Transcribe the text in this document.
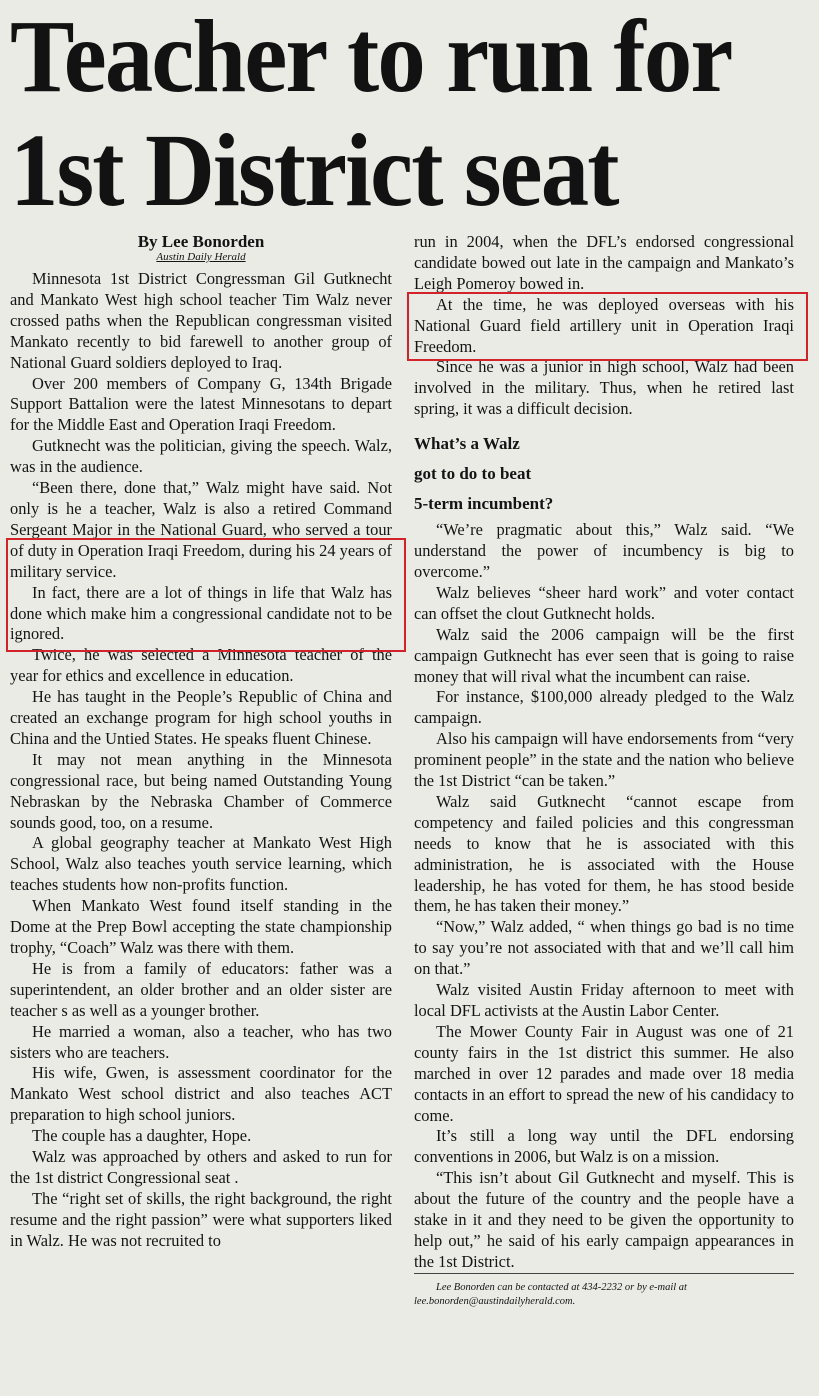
Teacher to run for
1st District seat
By Lee Bonorden
Austin Daily Herald

Minnesota 1st District Congressman Gil Gutknecht and Mankato West high school teacher Tim Walz never crossed paths when the Republican congressman visited Mankato recently to bid farewell to another group of National Guard soldiers deployed to Iraq.

Over 200 members of Company G, 134th Brigade Support Battalion were the latest Minnesotans to depart for the Middle East and Operation Iraqi Freedom.

Gutknecht was the politician, giving the speech. Walz, was in the audience.

“Been there, done that,” Walz might have said. Not only is he a teacher, Walz is also a retired Command Sergeant Major in the National Guard, who served a tour of duty in Operation Iraqi Freedom, during his 24 years of military service.

In fact, there are a lot of things in life that Walz has done which make him a congressional candidate not to be ignored.

Twice, he was selected a Minnesota teacher of the year for ethics and excellence in education.

He has taught in the People’s Republic of China and created an exchange program for high school youths in China and the Untied States. He speaks fluent Chinese.

It may not mean anything in the Minnesota congressional race, but being named Outstanding Young Nebraskan by the Nebraska Chamber of Commerce sounds good, too, on a resume.

A global geography teacher at Mankato West High School, Walz also teaches youth service learning, which teaches students how non-profits function.

When Mankato West found itself standing in the Dome at the Prep Bowl accepting the state championship trophy, “Coach” Walz was there with them.

He is from a family of educators: father was a superintendent, an older brother and an older sister are teacher s as well as a younger brother.

He married a woman, also a teacher, who has two sisters who are teachers.

His wife, Gwen, is assessment coordinator for the Mankato West school district and also teaches ACT preparation to high school juniors.

The couple has a daughter, Hope.

Walz was approached by others and asked to run for the 1st district Congressional seat .

The “right set of skills, the right background, the right resume and the right passion” were what supporters liked in Walz. He was not recruited to

run in 2004, when the DFL’s endorsed congressional candidate bowed out late in the campaign and Mankato’s Leigh Pomeroy bowed in.

At the time, he was deployed overseas with his National Guard field artillery unit in Operation Iraqi Freedom.

Since he was a junior in high school, Walz had been involved in the military. Thus, when he retired last spring, it was a difficult decision.

What’s a Walz
got to do to beat
5-term incumbent?

“We’re pragmatic about this,” Walz said. “We understand the power of incumbency is big to overcome.”

Walz believes “sheer hard work” and voter contact can offset the clout Gutknecht holds.

Walz said the 2006 campaign will be the first campaign Gutknecht has ever seen that is going to raise money that will rival what the incumbent can raise.

For instance, $100,000 already pledged to the Walz campaign.

Also his campaign will have endorsements from “very prominent people” in the state and the nation who believe the 1st District “can be taken.”

Walz said Gutknecht “cannot escape from competency and failed policies and this congressman needs to know that he is associated with this administration, he is associated with the House leadership, he has voted for them, he has stood beside them, he has taken their money.”

“Now,” Walz added, “ when things go bad is no time to say you’re not associated with that and we’ll call him on that.”

Walz visited Austin Friday afternoon to meet with local DFL activists at the Austin Labor Center.

The Mower County Fair in August was one of 21 county fairs in the 1st district this summer. He also marched in over 12 parades and made over 18 media contacts in an effort to spread the new of his candidacy to come.

It’s still a long way until the DFL endorsing conventions in 2006, but Walz is on a mission.

“This isn’t about Gil Gutknecht and myself. This is about the future of the country and the people have a stake in it and they need to be given the opportunity to help out,” he said of his early campaign appearances in the 1st District.

Lee Bonorden can be contacted at 434-2232 or by e-mail at lee.bonorden@austindailyherald.com.
